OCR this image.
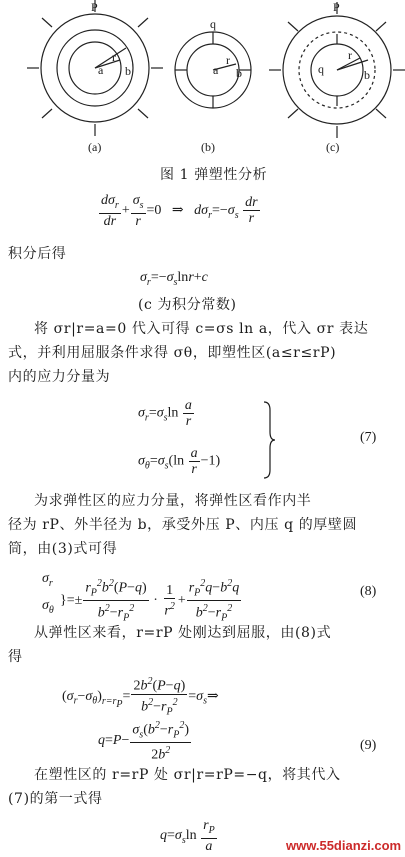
P
a
r
b
(a)
q
a
r
b
(b)
P
q
r
b
(c)
图 1 弹塑性分析
$\frac{d\sigma_r}{dr} + \frac{\sigma_s}{r} =0$   ⇒   $d\sigma_r=-\sigma_s \frac{dr}{r}$
积分后得
$\sigma_r=-\sigma_s\ln r+c$
(c 为积分常数)
将 σr|r=a=0 代入可得 c=σs ln a，代入 σr 表达
式，并利用屈服条件求得 σθ，即塑性区(a≤r≤rP)
内的应力分量为
$\sigma_r=\sigma_s\ln \frac{a}{r}$
$\sigma_\theta=\sigma_s(\ln \frac{a}{r} -1)$
(7)
为求弹性区的应力分量，将弹性区看作内半
径为 rP、外半径为 b，承受外压 P、内压 q 的厚壁圆
筒，由(3)式可得
$\sigma_r$
$\sigma_\theta$
}=± $\frac{r_P^2b^2(P-q)}{b^2-r_P^2} \cdot \frac{1}{r^2} + \frac{r_P^2q-b^2q}{b^2-r_P^2}$	(8)
从弹性区来看，r=rP 处刚达到屈服，由(8)式
得
$(\sigma_r-\sigma_\theta)_{r=r_P}= \frac{2b^2(P-q)}{b^2-r_P^2}$ $=\sigma_s\Rightarrow$
$q=P- \frac{\sigma_s(b^2-r_P^2)}{2b^2}$	(9)
在塑性区的 r=rP 处 σr|r=rP=−q，将其代入
(7)的第一式得
$q=\sigma_s\ln \frac{r_P}{a}$	www.55dianzi.com
